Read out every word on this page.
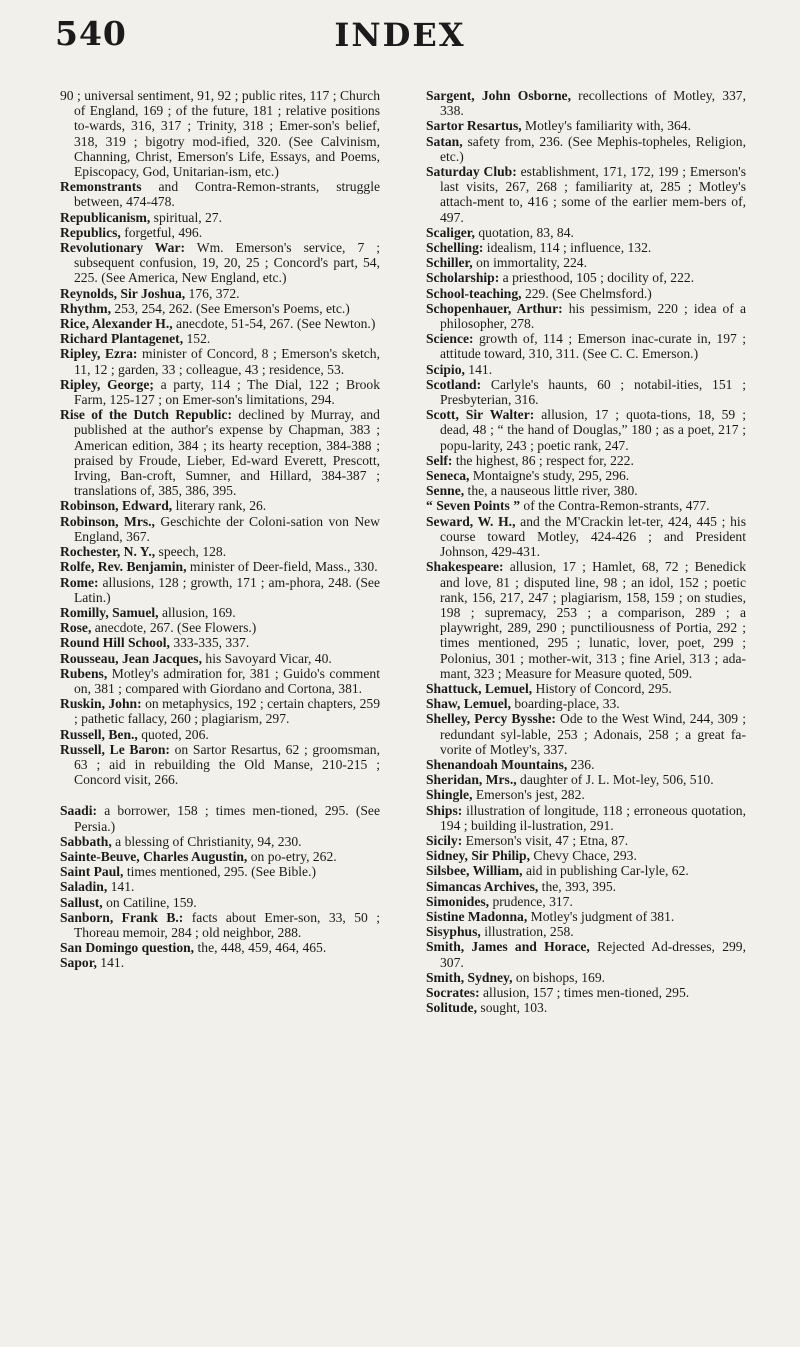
540	INDEX

90 ; universal sentiment, 91, 92 ; public rites, 117 ; Church of England, 169 ; of the future, 181 ; relative positions to-wards, 316, 317 ; Trinity, 318 ; Emer-son's belief, 318, 319 ; bigotry mod-ified, 320. (See Calvinism, Channing, Christ, Emerson's Life, Essays, and Poems, Episcopacy, God, Unitarian-ism, etc.)

Remonstrants and Contra-Remon-strants, struggle between, 474-478.

Republicanism, spiritual, 27.

Republics, forgetful, 496.

Revolutionary War: Wm. Emerson's service, 7 ; subsequent confusion, 19, 20, 25 ; Concord's part, 54, 225. (See America, New England, etc.)

Reynolds, Sir Joshua, 176, 372.

Rhythm, 253, 254, 262. (See Emerson's Poems, etc.)

Rice, Alexander H., anecdote, 51-54, 267. (See Newton.)

Richard Plantagenet, 152.

Ripley, Ezra: minister of Concord, 8 ; Emerson's sketch, 11, 12 ; garden, 33 ; colleague, 43 ; residence, 53.

Ripley, George; a party, 114 ; The Dial, 122 ; Brook Farm, 125-127 ; on Emer-son's limitations, 294.

Rise of the Dutch Republic: declined by Murray, and published at the author's expense by Chapman, 383 ; American edition, 384 ; its hearty reception, 384-388 ; praised by Froude, Lieber, Ed-ward Everett, Prescott, Irving, Ban-croft, Sumner, and Hillard, 384-387 ; translations of, 385, 386, 395.

Robinson, Edward, literary rank, 26.

Robinson, Mrs., Geschichte der Coloni-sation von New England, 367.

Rochester, N. Y., speech, 128.

Rolfe, Rev. Benjamin, minister of Deer-field, Mass., 330.

Rome: allusions, 128 ; growth, 171 ; am-phora, 248. (See Latin.)

Romilly, Samuel, allusion, 169.

Rose, anecdote, 267. (See Flowers.)

Round Hill School, 333-335, 337.

Rousseau, Jean Jacques, his Savoyard Vicar, 40.

Rubens, Motley's admiration for, 381 ; Guido's comment on, 381 ; compared with Giordano and Cortona, 381.

Ruskin, John: on metaphysics, 192 ; certain chapters, 259 ; pathetic fallacy, 260 ; plagiarism, 297.

Russell, Ben., quoted, 206.

Russell, Le Baron: on Sartor Resartus, 62 ; groomsman, 63 ; aid in rebuilding the Old Manse, 210-215 ; Concord visit, 266.

Saadi: a borrower, 158 ; times men-tioned, 295. (See Persia.)

Sabbath, a blessing of Christianity, 94, 230.

Sainte-Beuve, Charles Augustin, on po-etry, 262.

Saint Paul, times mentioned, 295. (See Bible.)

Saladin, 141.

Sallust, on Catiline, 159.

Sanborn, Frank B.: facts about Emer-son, 33, 50 ; Thoreau memoir, 284 ; old neighbor, 288.

San Domingo question, the, 448, 459, 464, 465.

Sapor, 141.

Sargent, John Osborne, recollections of Motley, 337, 338.

Sartor Resartus, Motley's familiarity with, 364.

Satan, safety from, 236. (See Mephis-topheles, Religion, etc.)

Saturday Club: establishment, 171, 172, 199 ; Emerson's last visits, 267, 268 ; familiarity at, 285 ; Motley's attach-ment to, 416 ; some of the earlier mem-bers of, 497.

Scaliger, quotation, 83, 84.

Schelling: idealism, 114 ; influence, 132.

Schiller, on immortality, 224.

Scholarship: a priesthood, 105 ; docility of, 222.

School-teaching, 229. (See Chelmsford.)

Schopenhauer, Arthur: his pessimism, 220 ; idea of a philosopher, 278.

Science: growth of, 114 ; Emerson inac-curate in, 197 ; attitude toward, 310, 311. (See C. C. Emerson.)

Scipio, 141.

Scotland: Carlyle's haunts, 60 ; notabil-ities, 151 ; Presbyterian, 316.

Scott, Sir Walter: allusion, 17 ; quota-tions, 18, 59 ; dead, 48 ; “ the hand of Douglas,” 180 ; as a poet, 217 ; popu-larity, 243 ; poetic rank, 247.

Self: the highest, 86 ; respect for, 222.

Seneca, Montaigne's study, 295, 296.

Senne, the, a nauseous little river, 380.

“ Seven Points ” of the Contra-Remon-strants, 477.

Seward, W. H., and the M'Crackin let-ter, 424, 445 ; his course toward Motley, 424-426 ; and President Johnson, 429-431.

Shakespeare: allusion, 17 ; Hamlet, 68, 72 ; Benedick and love, 81 ; disputed line, 98 ; an idol, 152 ; poetic rank, 156, 217, 247 ; plagiarism, 158, 159 ; on studies, 198 ; supremacy, 253 ; a comparison, 289 ; a playwright, 289, 290 ; punctiliousness of Portia, 292 ; times mentioned, 295 ; lunatic, lover, poet, 299 ; Polonius, 301 ; mother-wit, 313 ; fine Ariel, 313 ; ada-mant, 323 ; Measure for Measure quoted, 509.

Shattuck, Lemuel, History of Concord, 295.

Shaw, Lemuel, boarding-place, 33.

Shelley, Percy Bysshe: Ode to the West Wind, 244, 309 ; redundant syl-lable, 253 ; Adonais, 258 ; a great fa-vorite of Motley's, 337.

Shenandoah Mountains, 236.

Sheridan, Mrs., daughter of J. L. Mot-ley, 506, 510.

Shingle, Emerson's jest, 282.

Ships: illustration of longitude, 118 ; erroneous quotation, 194 ; building il-lustration, 291.

Sicily: Emerson's visit, 47 ; Etna, 87.

Sidney, Sir Philip, Chevy Chace, 293.

Silsbee, William, aid in publishing Car-lyle, 62.

Simancas Archives, the, 393, 395.

Simonides, prudence, 317.

Sistine Madonna, Motley's judgment of 381.

Sisyphus, illustration, 258.

Smith, James and Horace, Rejected Ad-dresses, 299, 307.

Smith, Sydney, on bishops, 169.

Socrates: allusion, 157 ; times men-tioned, 295.

Solitude, sought, 103.
